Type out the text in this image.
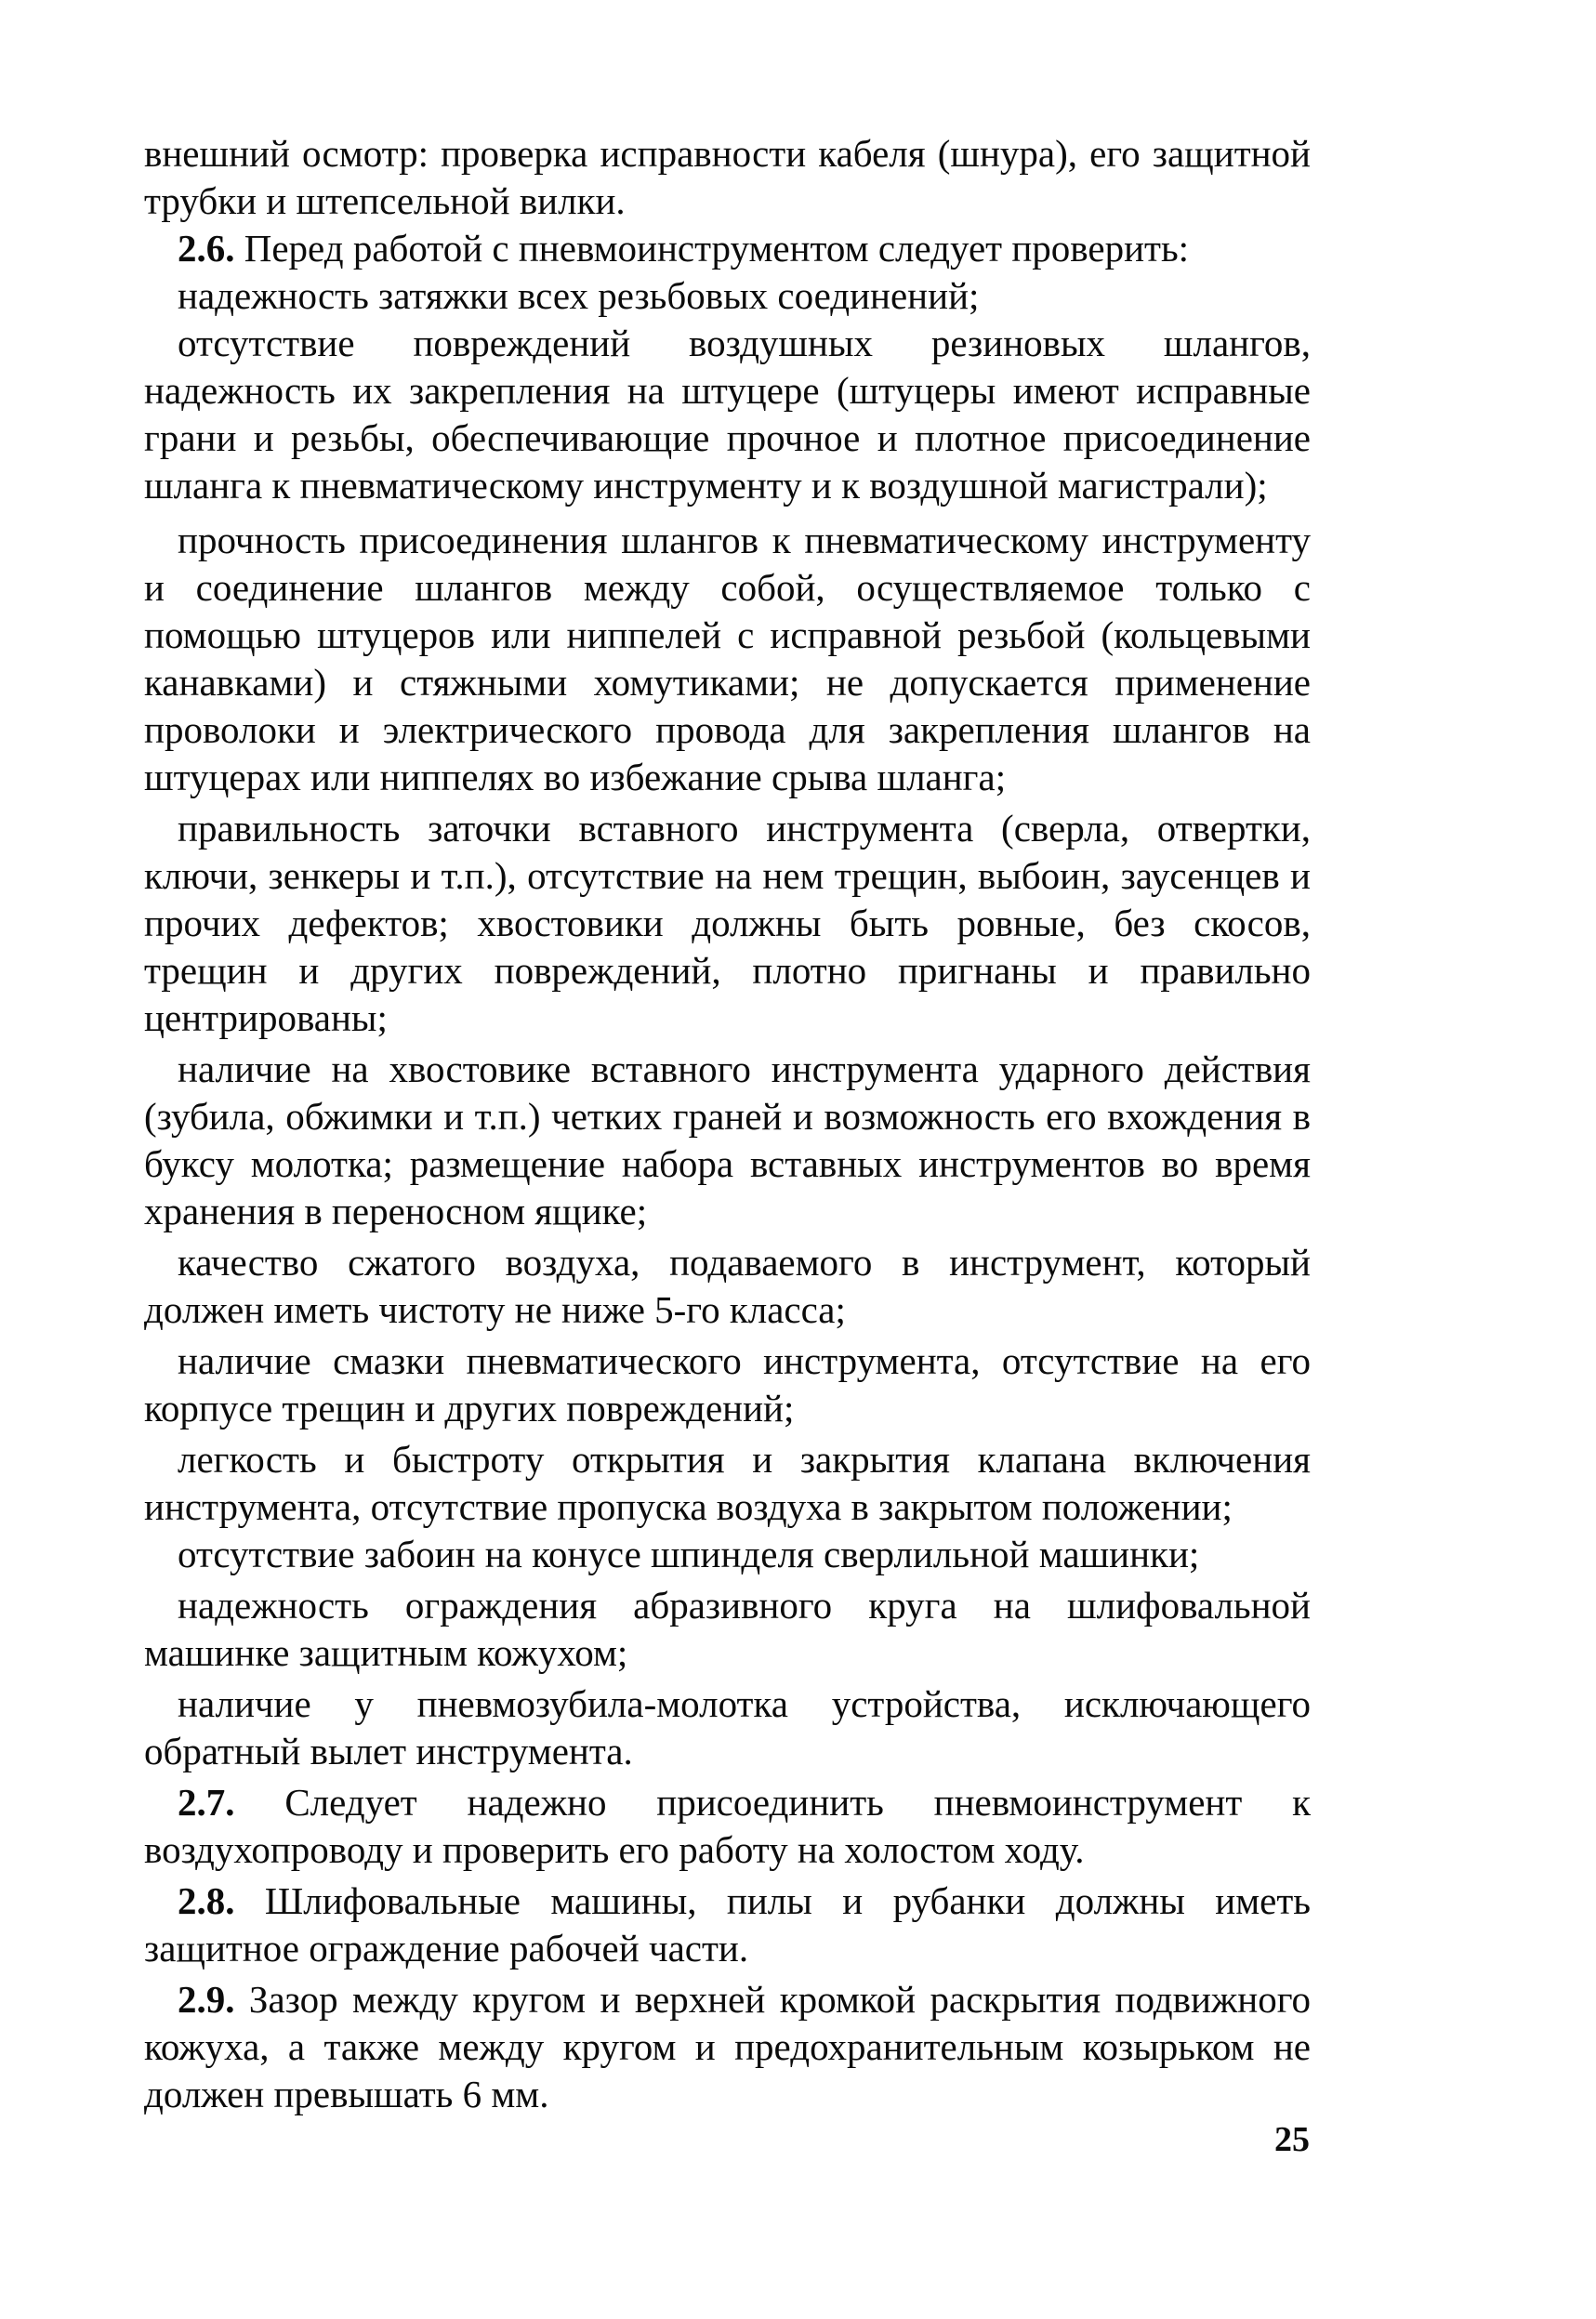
внешний осмотр: проверка исправности кабеля (шнура), его защитной трубки и штепсельной вилки.

2.6. Перед работой с пневмоинструментом следует проверить:

надежность затяжки всех резьбовых соединений;

отсутствие повреждений воздушных резиновых шлангов, надежность их закрепления на штуцере (штуцеры имеют исправные грани и резьбы, обеспечивающие прочное и плотное присоединение шланга к пневматическому инструменту и к воздушной магистрали);

прочность присоединения шлангов к пневматическому инструменту и соединение шлангов между собой, осуществляемое только с помощью штуцеров или ниппелей с исправной резьбой (кольцевыми канавками) и стяжными хомутиками; не допускается применение проволоки и электрического провода для закрепления шлангов на штуцерах или ниппелях во избежание срыва шланга;

правильность заточки вставного инструмента (сверла, отвертки, ключи, зенкеры и т.п.), отсутствие на нем трещин, выбоин, заусенцев и прочих дефектов; хвостовики должны быть ровные, без скосов, трещин и других повреждений, плотно пригнаны и правильно центрированы;

наличие на хвостовике вставного инструмента ударного действия (зубила, обжимки и т.п.) четких граней и возможность его вхождения в буксу молотка; размещение набора вставных инструментов во время хранения в переносном ящике;

качество сжатого воздуха, подаваемого в инструмент, который должен иметь чистоту не ниже 5-го класса;

наличие смазки пневматического инструмента, отсутствие на его корпусе трещин и других повреждений;

легкость и быстроту открытия и закрытия клапана включения инструмента, отсутствие пропуска воздуха в закрытом положении;

отсутствие забоин на конусе шпинделя сверлильной машинки;

надежность ограждения абразивного круга на шлифовальной машинке защитным кожухом;

наличие у пневмозубила-молотка устройства, исключающего обратный вылет инструмента.

2.7. Следует надежно присоединить пневмоинструмент к воздухопроводу и проверить его работу на холостом ходу.

2.8. Шлифовальные машины, пилы и рубанки должны иметь защитное ограждение рабочей части.

2.9. Зазор между кругом и верхней кромкой раскрытия подвижного кожуха, а также между кругом и предохранительным козырьком не должен превышать 6 мм.

25
